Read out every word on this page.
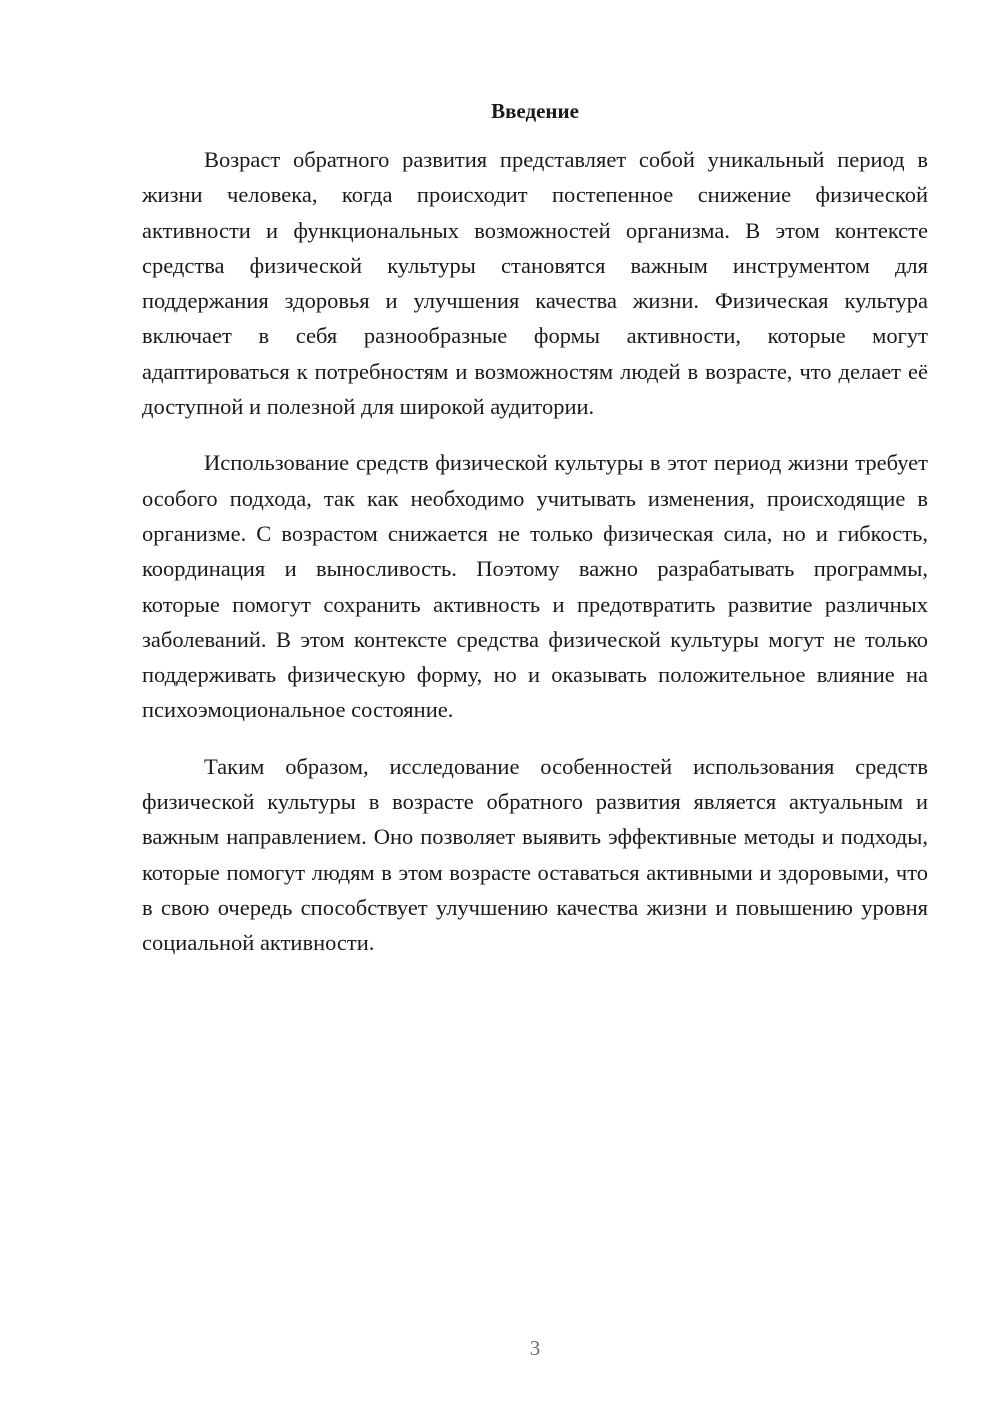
Введение

Возраст обратного развития представляет собой уникальный период в жизни человека, когда происходит постепенное снижение физической активности и функциональных возможностей организма. В этом контексте средства физической культуры становятся важным инструментом для поддержания здоровья и улучшения качества жизни. Физическая культура включает в себя разнообразные формы активности, которые могут адаптироваться к потребностям и возможностям людей в возрасте, что делает её доступной и полезной для широкой аудитории.

Использование средств физической культуры в этот период жизни требует особого подхода, так как необходимо учитывать изменения, происходящие в организме. С возрастом снижается не только физическая сила, но и гибкость, координация и выносливость. Поэтому важно разрабатывать программы, которые помогут сохранить активность и предотвратить развитие различных заболеваний. В этом контексте средства физической культуры могут не только поддерживать физическую форму, но и оказывать положительное влияние на психоэмоциональное состояние.

Таким образом, исследование особенностей использования средств физической культуры в возрасте обратного развития является актуальным и важным направлением. Оно позволяет выявить эффективные методы и подходы, которые помогут людям в этом возрасте оставаться активными и здоровыми, что в свою очередь способствует улучшению качества жизни и повышению уровня социальной активности.

3
